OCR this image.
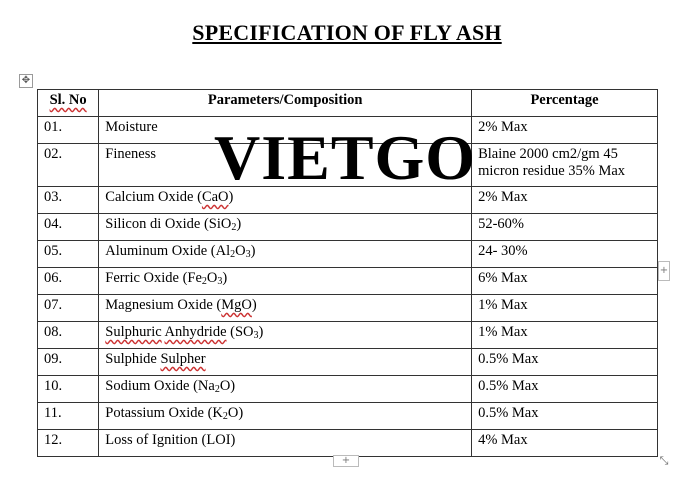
SPECIFICATION OF FLY ASH
✥
Sl. No	Parameters/Composition	Percentage
01.	Moisture	2% Max
02.	Fineness	Blaine 2000 cm2/gm 45 micron residue 35% Max
03.	Calcium Oxide (CaO)	2% Max
04.	Silicon di Oxide (SiO$_2$)	52-60%
05.	Aluminum Oxide $(Al_2O_3)$	24- 30%
06.	Ferric Oxide $(Fe_2O_3)$	6% Max
07.	Magnesium Oxide (MgO)	1% Max
08.	Sulphuric Anhydride $(SO_3)$	1% Max
09.	Sulphide Sulpher	0.5% Max
10.	Sodium Oxide $(Na_2O)$	0.5% Max
11.	Potassium Oxide $(K_2O)$	0.5% Max
12.	Loss of Ignition (LOI)	4% Max
VIETGO
+
+	⤡
